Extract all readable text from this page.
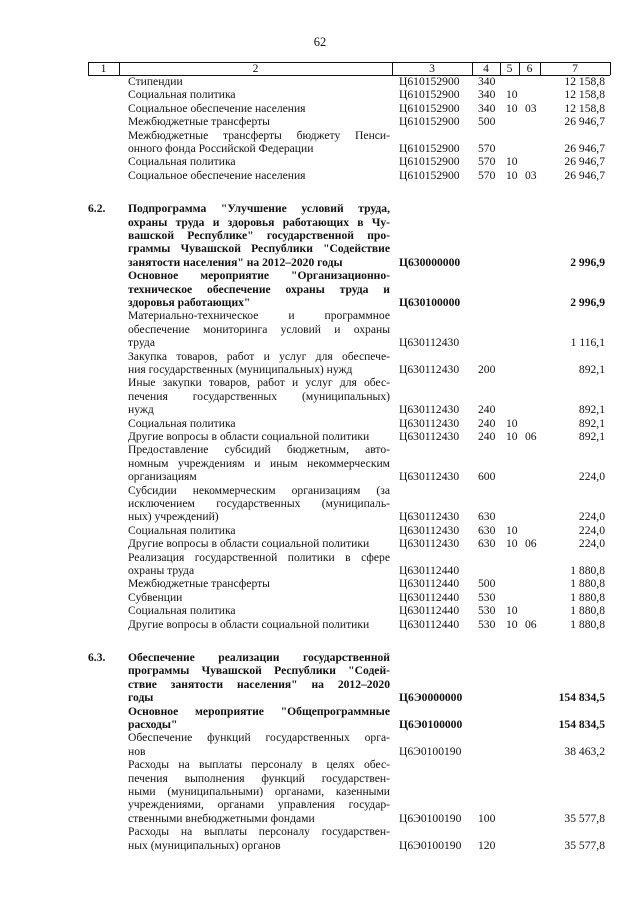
62
1	2	3	4	5	6	7
Стипендии	Ц610152900 340	12 158,8
Социальная политика	Ц610152900 340 10	12 158,8
Социальное обеспечение населения	Ц610152900 340 10 03	12 158,8
Межбюджетные трансферты	Ц610152900 500	26 946,7
Межбюджетные трансферты бюджету Пенси-
онного фонда Российской Федерации	Ц610152900 570	26 946,7
Социальная политика	Ц610152900 570 10	26 946,7
Социальное обеспечение населения	Ц610152900 570 10 03	26 946,7
6.2. Подпрограмма "Улучшение условий труда,
охраны труда и здоровья работающих в Чу-
вашской Республике" государственной про-
граммы Чувашской Республики "Содействие
занятости населения" на 2012–2020 годы	Ц630000000	2 996,9
Основное мероприятие "Организационно-
техническое обеспечение охраны труда и
здоровья работающих"	Ц630100000	2 996,9
Материально-техническое и программное
обеспечение мониторинга условий и охраны
труда	Ц630112430	1 116,1
Закупка товаров, работ и услуг для обеспече-
ния государственных (муниципальных) нужд	Ц630112430 200	892,1
Иные закупки товаров, работ и услуг для обес-
печения государственных (муниципальных)
нужд	Ц630112430 240	892,1
Социальная политика	Ц630112430 240 10	892,1
Другие вопросы в области социальной политики	Ц630112430 240 10 06	892,1
Предоставление субсидий бюджетным, авто-
номным учреждениям и иным некоммерческим
организациям	Ц630112430 600	224,0
Субсидии некоммерческим организациям (за
исключением государственных (муниципаль-
ных) учреждений)	Ц630112430 630	224,0
Социальная политика	Ц630112430 630 10	224,0
Другие вопросы в области социальной политики	Ц630112430 630 10 06	224,0
Реализация государственной политики в сфере
охраны труда	Ц630112440	1 880,8
Межбюджетные трансферты	Ц630112440 500	1 880,8
Субвенции	Ц630112440 530	1 880,8
Социальная политика	Ц630112440 530 10	1 880,8
Другие вопросы в области социальной политики	Ц630112440 530 10 06	1 880,8
6.3. Обеспечение реализации государственной
программы Чувашской Республики "Содей-
ствие занятости населения" на 2012–2020
годы	Ц6Э0000000	154 834,5
Основное мероприятие "Общепрограммные
расходы"	Ц6Э0100000	154 834,5
Обеспечение функций государственных орга-
нов	Ц6Э0100190	38 463,2
Расходы на выплаты персоналу в целях обес-
печения выполнения функций государствен-
ными (муниципальными) органами, казенными
учреждениями, органами управления государ-
ственными внебюджетными фондами	Ц6Э0100190 100	35 577,8
Расходы на выплаты персоналу государствен-
ных (муниципальных) органов	Ц6Э0100190 120	35 577,8
